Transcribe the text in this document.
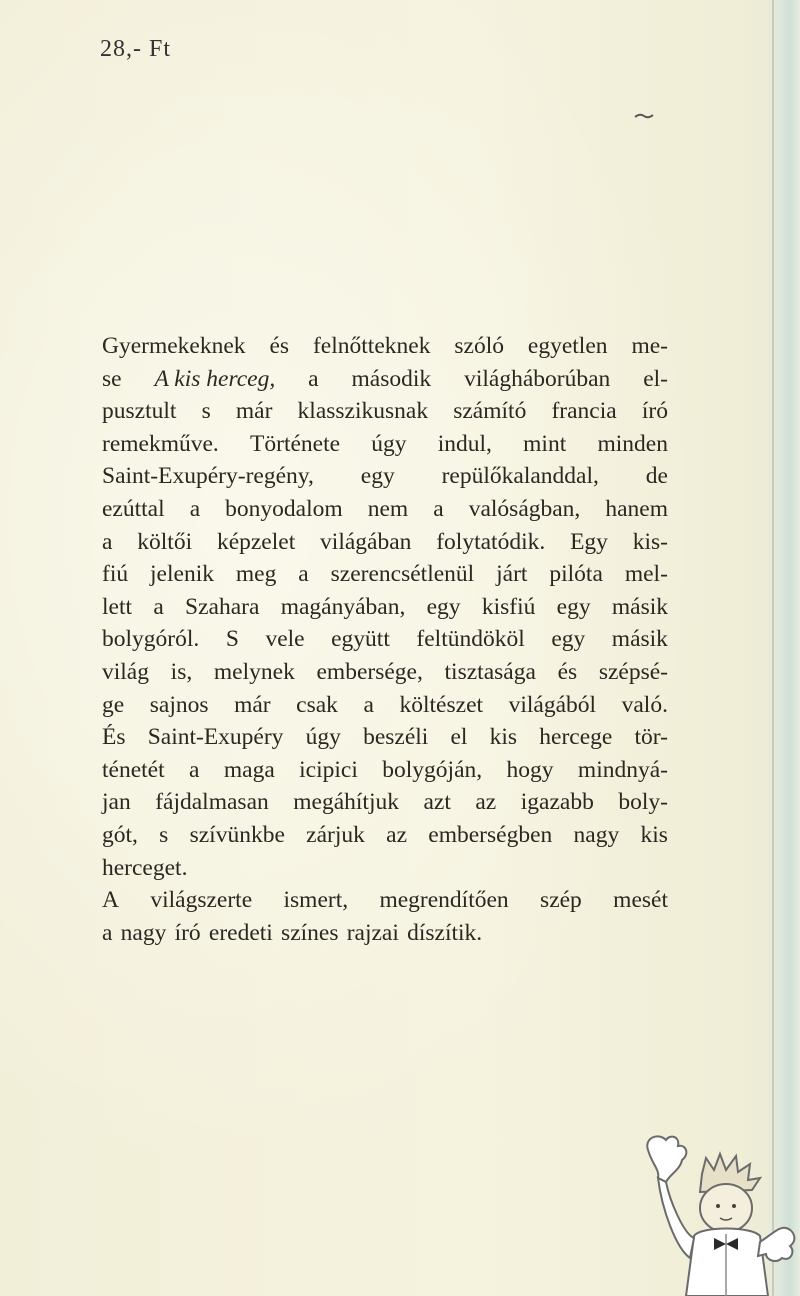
28,- Ft
Gyermekeknek és felnőtteknek szóló egyetlen me-
se A kis herceg, a második világháborúban el-
pusztult s már klasszikusnak számító francia író
remekműve. Története úgy indul, mint minden
Saint-Exupéry-regény, egy repülőkalanddal, de
ezúttal a bonyodalom nem a valóságban, hanem
a költői képzelet világában folytatódik. Egy kis-
fiú jelenik meg a szerencsétlenül járt pilóta mel-
lett a Szahara magányában, egy kisfiú egy másik
bolygóról. S vele együtt feltündököl egy másik
világ is, melynek embersége, tisztasága és szépsé-
ge sajnos már csak a költészet világából való.
És Saint-Exupéry úgy beszéli el kis hercege tör-
ténetét a maga icipici bolygóján, hogy mindnyá-
jan fájdalmasan megáhítjuk azt az igazabb boly-
gót, s szívünkbe zárjuk az emberségben nagy kis
herceget.
A világszerte ismert, megrendítően szép mesét
a nagy író eredeti színes rajzai díszítik.
